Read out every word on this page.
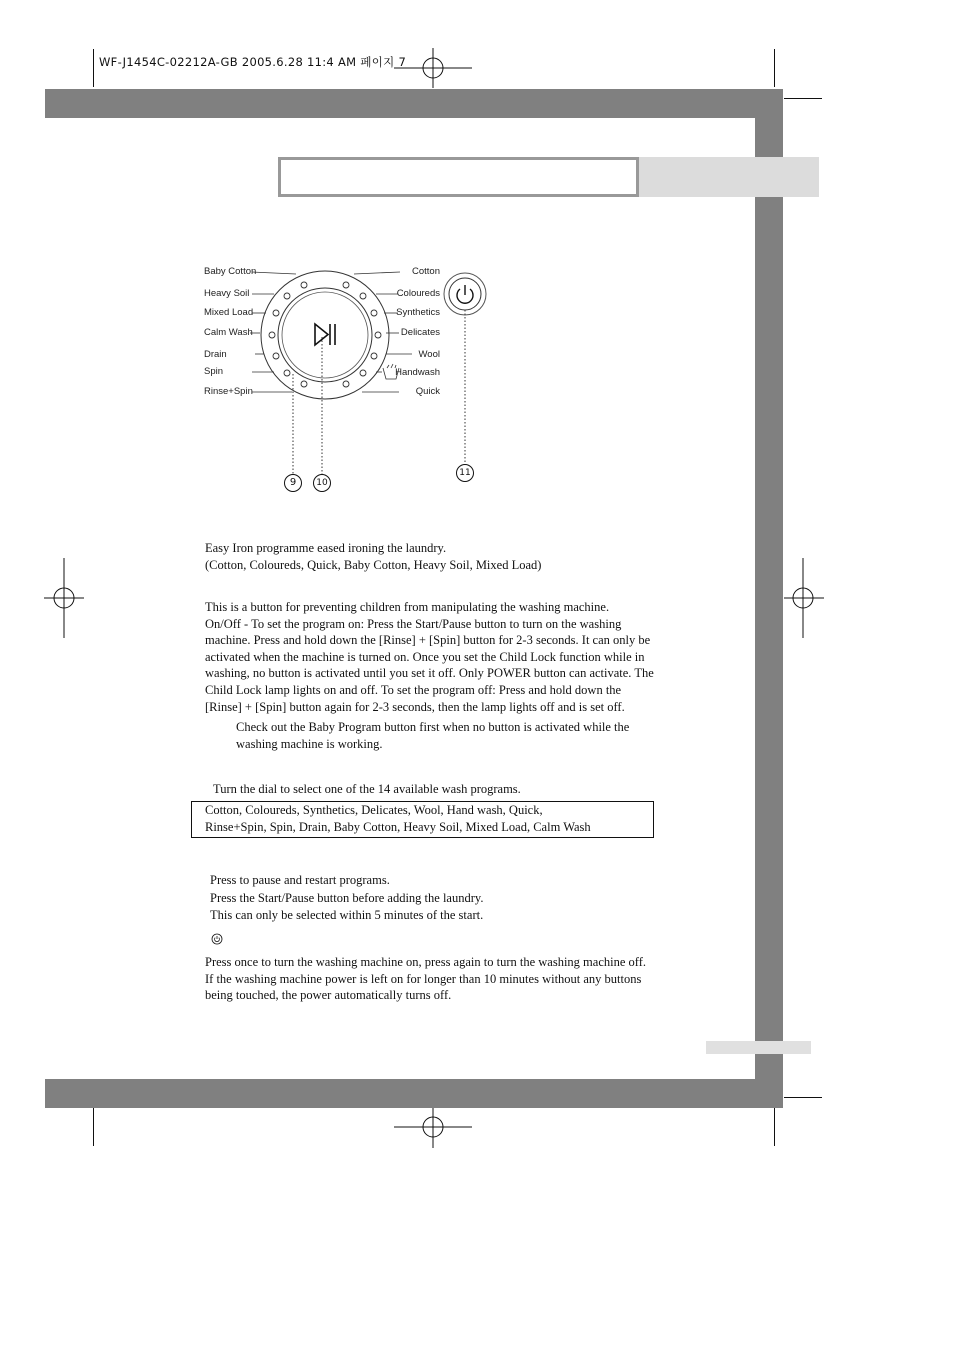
WF-J1454C-02212A-GB 2005.6.28 11:4 AM 페이지 7
Baby Cotton
Heavy Soil
Mixed Load
Calm Wash
Drain
Spin
Rinse+Spin
Cotton
Coloureds
Synthetics
Delicates
Wool
Handwash
Quick
9	10
11

Easy Iron programme eased ironing the laundry.

(Cotton, Coloureds, Quick, Baby Cotton, Heavy Soil, Mixed Load)

This is a button for preventing children from manipulating the washing machine.

On/Off - To set the program on: Press the Start/Pause button to turn on the washing

machine. Press and hold down the [Rinse] + [Spin] button for 2-3 seconds. It can only be

activated when the machine is turned on. Once you set the Child Lock function while in

washing, no button is activated until you set it off. Only POWER button can activate. The

Child Lock lamp lights on and off. To set the program off: Press and hold down the

[Rinse] + [Spin] button again for 2-3 seconds, then the lamp lights off and is set off.

Check out the Baby Program button first when no button is activated while the

washing machine is working.

Turn the dial to select one of the 14 available wash programs.

Cotton, Coloureds, Synthetics, Delicates, Wool, Hand wash, Quick,

Rinse+Spin, Spin, Drain, Baby Cotton, Heavy Soil, Mixed Load, Calm Wash

Press to pause and restart programs.

Press the Start/Pause button before adding the laundry.

This can only be selected within 5 minutes of the start.

Press once to turn the washing machine on, press again to turn the washing machine off.

If the washing machine power is left on for longer than 10 minutes without any buttons

being touched, the power automatically turns off.
